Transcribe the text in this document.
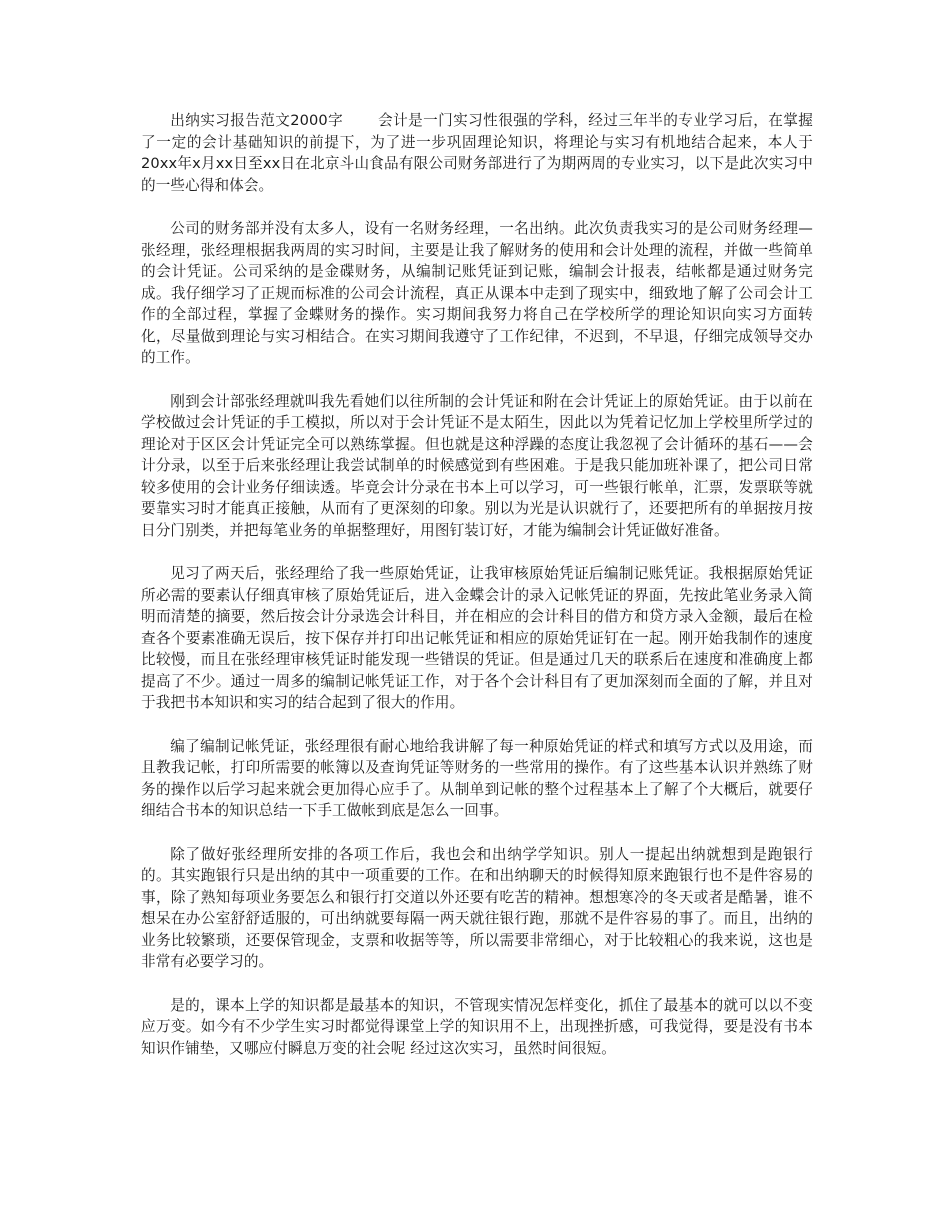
出纳实习报告范文2000字　　 会计是一门实习性很强的学科，经过三年半的专业学习后，在掌握了一定的会计基础知识的前提下，为了进一步巩固理论知识，将理论与实习有机地结合起来，本人于20xx年x月xx日至xx日在北京斗山食品有限公司财务部进行了为期两周的专业实习，以下是此次实习中的一些心得和体会。

公司的财务部并没有太多人，设有一名财务经理，一名出纳。此次负责我实习的是公司财务经理—张经理，张经理根据我两周的实习时间，主要是让我了解财务的使用和会计处理的流程，并做一些简单的会计凭证。公司采纳的是金碟财务，从编制记账凭证到记账，编制会计报表，结帐都是通过财务完成。我仔细学习了正规而标准的公司会计流程，真正从课本中走到了现实中，细致地了解了公司会计工作的全部过程，掌握了金蝶财务的操作。实习期间我努力将自己在学校所学的理论知识向实习方面转化，尽量做到理论与实习相结合。在实习期间我遵守了工作纪律，不迟到，不早退，仔细完成领导交办的工作。

刚到会计部张经理就叫我先看她们以往所制的会计凭证和附在会计凭证上的原始凭证。由于以前在学校做过会计凭证的手工模拟，所以对于会计凭证不是太陌生，因此以为凭着记忆加上学校里所学过的理论对于区区会计凭证完全可以熟练掌握。但也就是这种浮躁的态度让我忽视了会计循环的基石——会计分录，以至于后来张经理让我尝试制单的时候感觉到有些困难。于是我只能加班补课了，把公司日常较多使用的会计业务仔细读透。毕竟会计分录在书本上可以学习，可一些银行帐单，汇票，发票联等就要靠实习时才能真正接触，从而有了更深刻的印象。别以为光是认识就行了，还要把所有的单据按月按日分门别类，并把每笔业务的单据整理好，用图钉装订好，才能为编制会计凭证做好准备。

见习了两天后，张经理给了我一些原始凭证，让我审核原始凭证后编制记账凭证。我根据原始凭证所必需的要素认仔细真审核了原始凭证后，进入金蝶会计的录入记帐凭证的界面，先按此笔业务录入简明而清楚的摘要，然后按会计分录选会计科目，并在相应的会计科目的借方和贷方录入金额，最后在检查各个要素准确无误后，按下保存并打印出记帐凭证和相应的原始凭证钉在一起。刚开始我制作的速度比较慢，而且在张经理审核凭证时能发现一些错误的凭证。但是通过几天的联系后在速度和准确度上都提高了不少。通过一周多的编制记帐凭证工作，对于各个会计科目有了更加深刻而全面的了解，并且对于我把书本知识和实习的结合起到了很大的作用。

编了编制记帐凭证，张经理很有耐心地给我讲解了每一种原始凭证的样式和填写方式以及用途，而且教我记帐，打印所需要的帐簿以及查询凭证等财务的一些常用的操作。有了这些基本认识并熟练了财务的操作以后学习起来就会更加得心应手了。从制单到记帐的整个过程基本上了解了个大概后，就要仔细结合书本的知识总结一下手工做帐到底是怎么一回事。

除了做好张经理所安排的各项工作后，我也会和出纳学学知识。别人一提起出纳就想到是跑银行的。其实跑银行只是出纳的其中一项重要的工作。在和出纳聊天的时候得知原来跑银行也不是件容易的事，除了熟知每项业务要怎么和银行打交道以外还要有吃苦的精神。想想寒冷的冬天或者是酷暑，谁不想呆在办公室舒舒适服的，可出纳就要每隔一两天就往银行跑，那就不是件容易的事了。而且，出纳的业务比较繁琐，还要保管现金，支票和收据等等，所以需要非常细心，对于比较粗心的我来说，这也是非常有必要学习的。

是的，课本上学的知识都是最基本的知识，不管现实情况怎样变化，抓住了最基本的就可以以不变应万变。如今有不少学生实习时都觉得课堂上学的知识用不上，出现挫折感，可我觉得，要是没有书本知识作铺垫，又哪应付瞬息万变的社会呢 经过这次实习，虽然时间很短。
